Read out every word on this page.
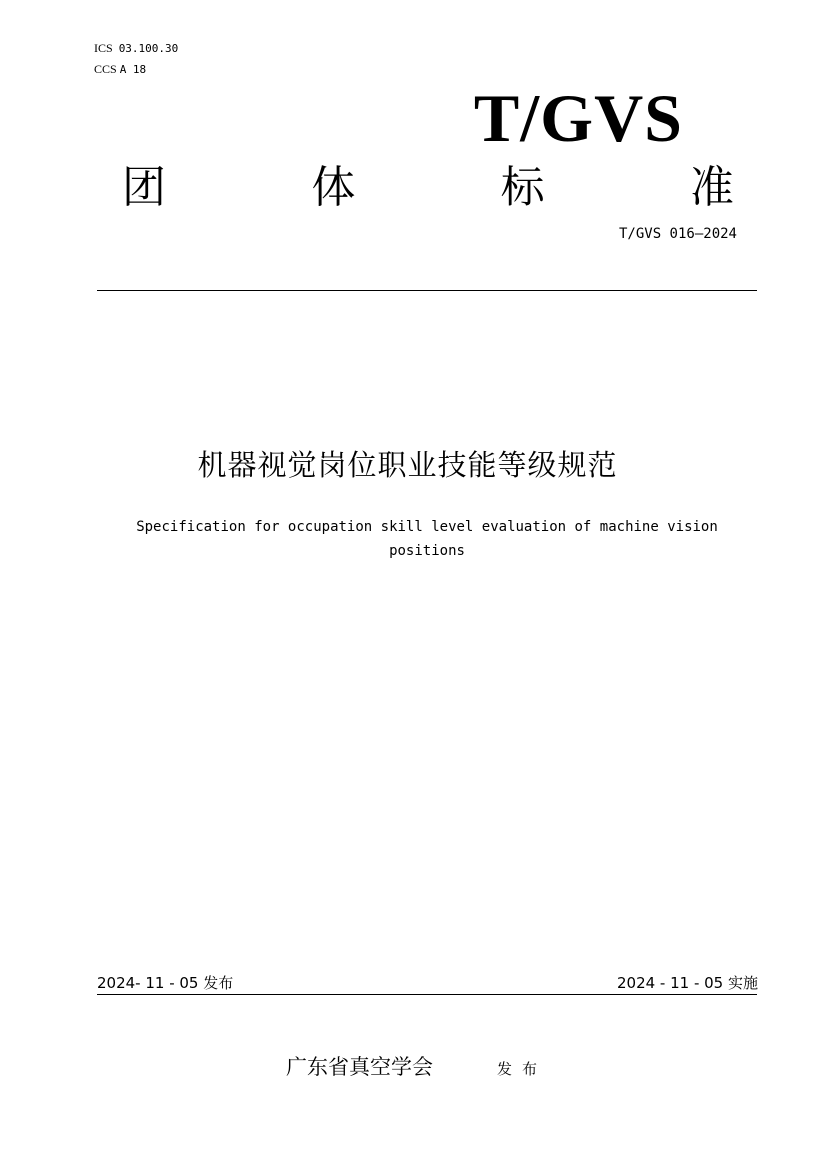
ICS 03.100.30
CCS A 18
T/GVS
团	体	标	准
T/GVS 016—2024
机器视觉岗位职业技能等级规范
Specification for occupation skill level evaluation of machine vision positions
2024- 11 - 05 发布	2024 - 11 - 05 实施
广东省真空学会	发布
